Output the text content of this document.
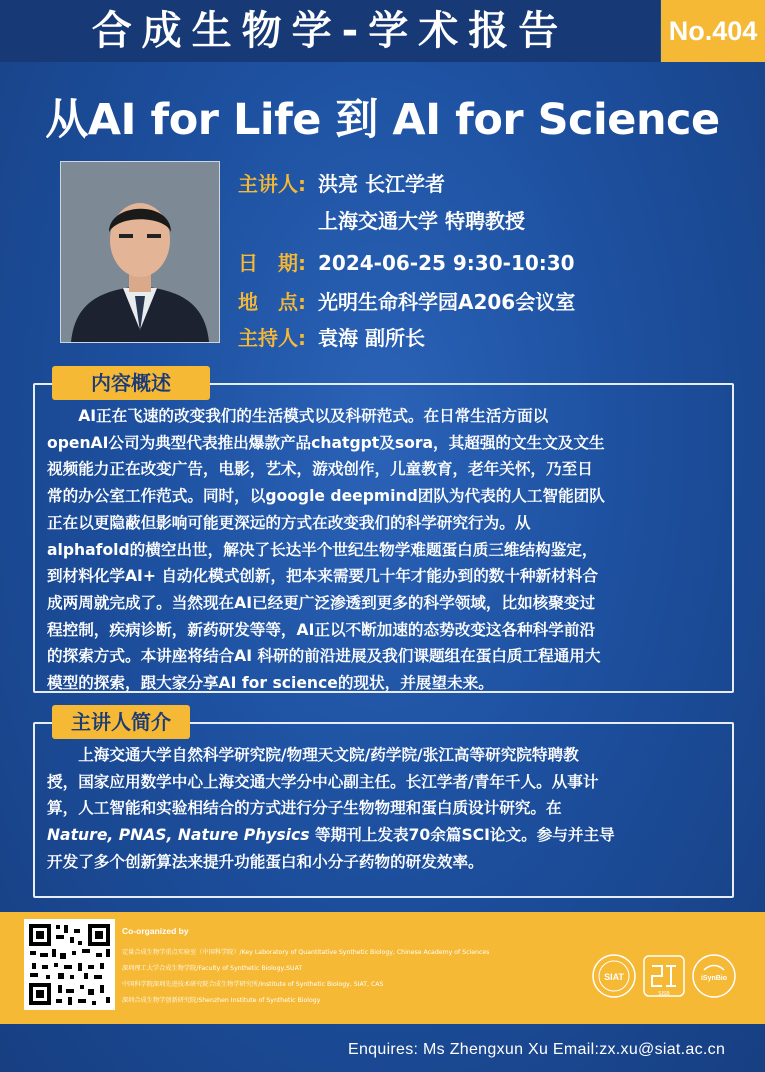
合成生物学-学术报告	No.404
从AI for Life 到 AI for Science
主讲人: 洪亮 长江学者
上海交通大学 特聘教授
日　期: 2024-06-25 9:30-10:30
地　点: 光明生命科学园A206会议室
主持人: 袁海 副所长
内容概述
　　AI正在飞速的改变我们的生活模式以及科研范式。在日常生活方面以
openAI公司为典型代表推出爆款产品chatgpt及sora，其超强的文生文及文生
视频能力正在改变广告，电影，艺术，游戏创作，儿童教育，老年关怀，乃至日
常的办公室工作范式。同时，以google deepmind团队为代表的人工智能团队
正在以更隐蔽但影响可能更深远的方式在改变我们的科学研究行为。从
alphafold的横空出世，解决了长达半个世纪生物学难题蛋白质三维结构鉴定，
到材料化学AI+ 自动化模式创新，把本来需要几十年才能办到的数十种新材料合
成两周就完成了。当然现在AI已经更广泛渗透到更多的科学领域，比如核聚变过
程控制，疾病诊断，新药研发等等，AI正以不断加速的态势改变这各种科学前沿
的探索方式。本讲座将结合AI 科研的前沿进展及我们课题组在蛋白质工程通用大
模型的探索，跟大家分享AI for science的现状，并展望未来。
主讲人简介
　　上海交通大学自然科学研究院/物理天文院/药学院/张江高等研究院特聘教
授，国家应用数学中心上海交通大学分中心副主任。长江学者/青年千人。从事计
算，人工智能和实验相结合的方式进行分子生物物理和蛋白质设计研究。在
Nature, PNAS, Nature Physics 等期刊上发表70余篇SCI论文。参与并主导
开发了多个创新算法来提升功能蛋白和小分子药物的研发效率。
Co-organized by
定量合成生物学重点实验室（中国科学院）/Key Laboratory of Quantitative Synthetic Biology, Chinese Academy of Sciences
深圳理工大学合成生物学院/Faculty of Synthetic Biology,SUAT
中国科学院深圳先进技术研究院合成生物学研究所/Institute of Synthetic Biology, SIAT, CAS
深圳合成生物学创新研究院/Shenzhen Institute of Synthetic Biology
SIAT
SISB
iSynBio
Enquires: Ms Zhengxun Xu Email:zx.xu@siat.ac.cn
